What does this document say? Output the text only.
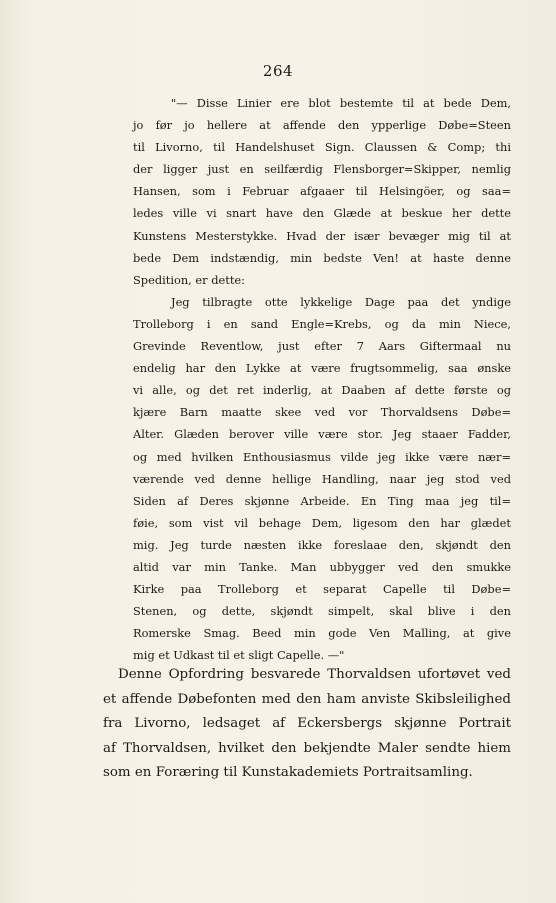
264
"— Disse Linier ere blot bestemte til at bede Dem,
jo før jo hellere at affende den ypperlige Døbe=Steen
til Livorno, til Handelshuset Sign. Claussen & Comp; thi
der ligger just en seilfærdig Flensborger=Skipper, nemlig
Hansen, som i Februar afgaaer til Helsingöer, og saa=
ledes ville vi snart have den Glæde at beskue her dette
Kunstens Mesterstykke. Hvad der især bevæger mig til at
bede Dem indstændig, min bedste Ven! at haste denne
Spedition, er dette:
Jeg tilbragte otte lykkelige Dage paa det yndige
Trolleborg i en sand Engle=Krebs, og da min Niece,
Grevinde Reventlow, just efter 7 Aars Giftermaal nu
endelig har den Lykke at være frugtsommelig, saa ønske
vi alle, og det ret inderlig, at Daaben af dette første og
kjære Barn maatte skee ved vor Thorvaldsens Døbe=
Alter. Glæden berover ville være stor. Jeg staaer Fadder,
og med hvilken Enthousiasmus vilde jeg ikke være nær=
værende ved denne hellige Handling, naar jeg stod ved
Siden af Deres skjønne Arbeide. En Ting maa jeg til=
føie, som vist vil behage Dem, ligesom den har glædet
mig. Jeg turde næsten ikke foreslaae den, skjøndt den
altid var min Tanke. Man ubbygger ved den smukke
Kirke paa Trolleborg et separat Capelle til Døbe=
Stenen, og dette, skjøndt simpelt, skal blive i den
Romerske Smag. Beed min gode Ven Malling, at give
mig et Udkast til et sligt Capelle. —"
Denne Opfordring besvarede Thorvaldsen ufortøvet ved
et affende Døbefonten med den ham anviste Skibsleilighed
fra Livorno, ledsaget af Eckersbergs skjønne Portrait
af Thorvaldsen, hvilket den bekjendte Maler sendte hiem
som en Foræring til Kunstakademiets Portraitsamling.
